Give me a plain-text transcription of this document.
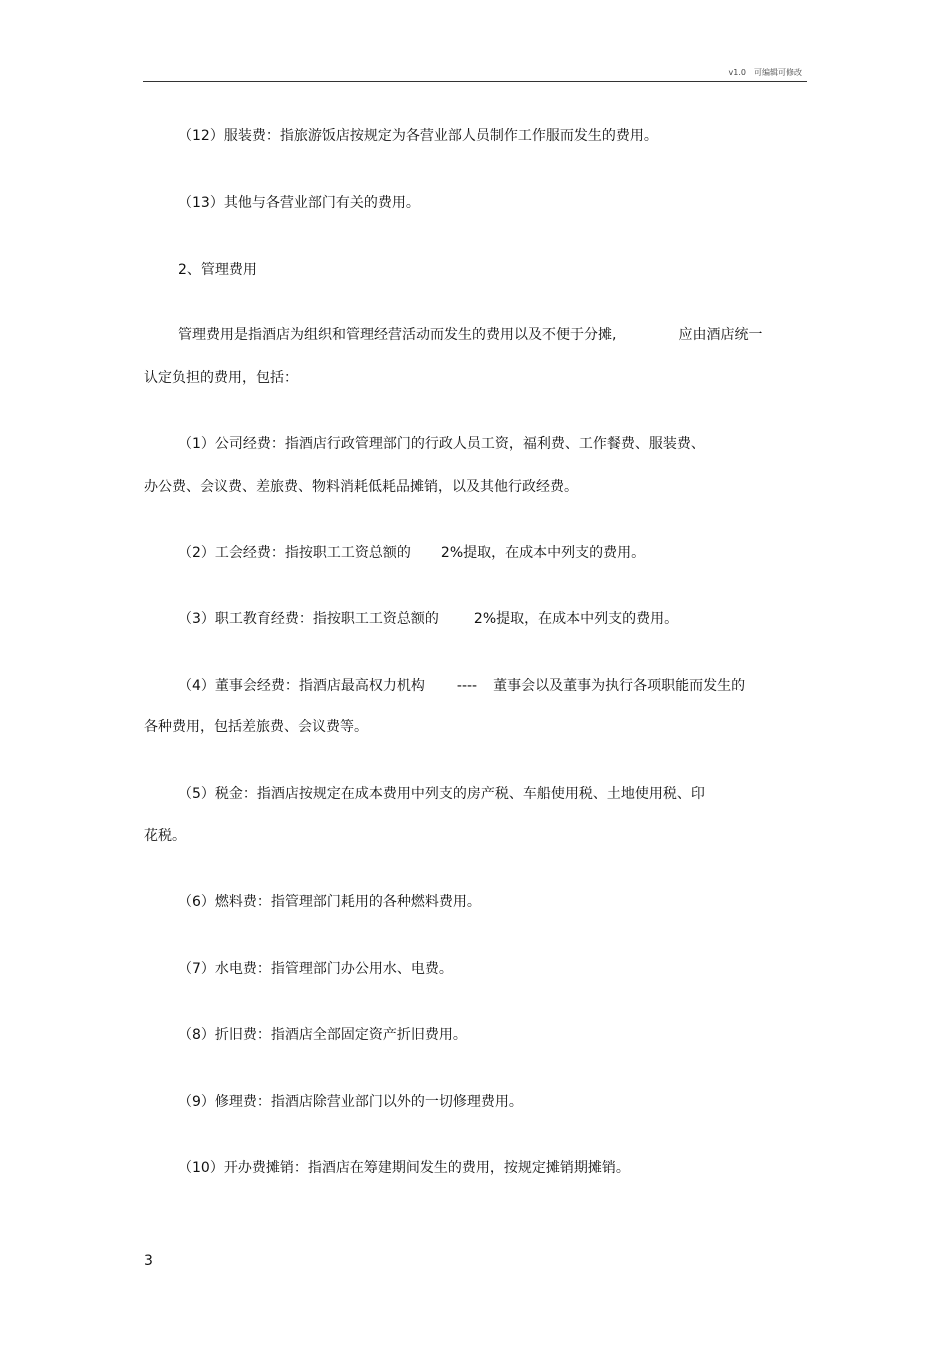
v1.0　可编辑可修改
（12）服装费：指旅游饭店按规定为各营业部人员制作工作服而发生的费用。
（13）其他与各营业部门有关的费用。
2、管理费用
管理费用是指酒店为组织和管理经营活动而发生的费用以及不便于分摊,	应由酒店统一
认定负担的费用，包括：
（1）公司经费：指酒店行政管理部门的行政人员工资，福利费、工作餐费、服装费、
办公费、会议费、差旅费、物料消耗低耗品摊销，以及其他行政经费。
（2）工会经费：指按职工工资总额的 2%提取，在成本中列支的费用。
（3）职工教育经费：指按职工工资总额的	2%提取，在成本中列支的费用。
（4）董事会经费：指酒店最高权力机构 ---- 董事会以及董事为执行各项职能而发生的
各种费用，包括差旅费、会议费等。
（5）税金：指酒店按规定在成本费用中列支的房产税、车船使用税、土地使用税、印
花税。
（6）燃料费：指管理部门耗用的各种燃料费用。
（7）水电费：指管理部门办公用水、电费。
（8）折旧费：指酒店全部固定资产折旧费用。
（9）修理费：指酒店除营业部门以外的一切修理费用。
（10）开办费摊销：指酒店在筹建期间发生的费用，按规定摊销期摊销。
3
